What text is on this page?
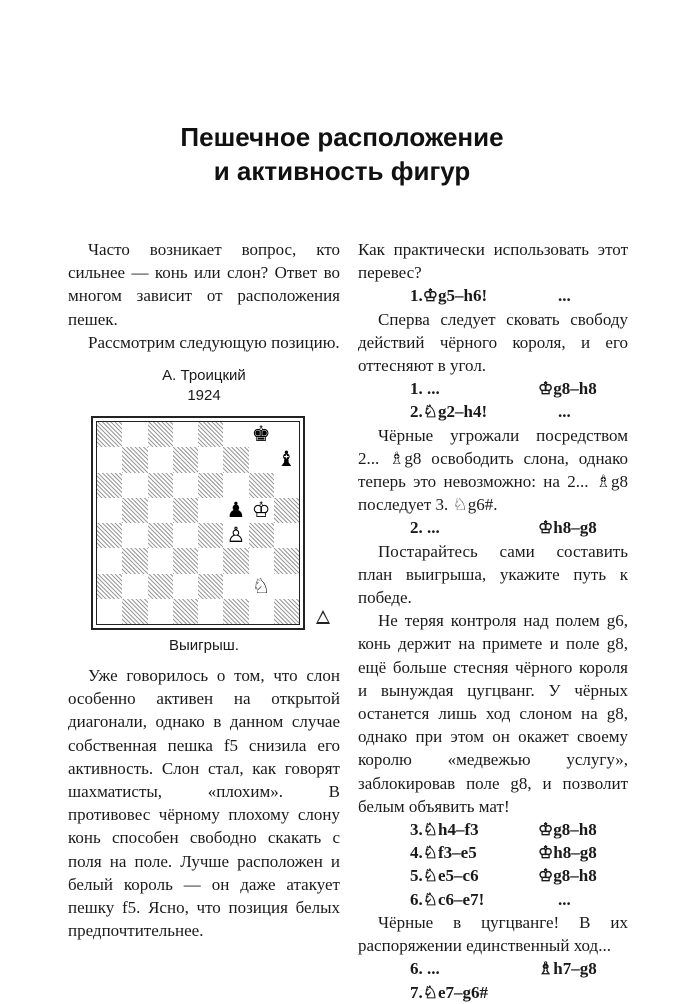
Пешечное расположение
и активность фигур

Часто возникает вопрос, кто сильнее — конь или слон? Ответ во многом зависит от расположения пешек.

Рассмотрим следующую позицию.

А. Троицкий
1924
♚
♝
♟ ♔
♙
♘
Выигрыш.

Уже говорилось о том, что слон особенно активен на открытой диагонали, однако в данном случае собственная пешка f5 снизила его активность. Слон стал, как говорят шахматисты, «плохим». В противовес чёрному плохому слону конь способен свободно скакать с поля на поле. Лучше расположен и белый король — он даже атакует пешку f5. Ясно, что позиция белых предпочтительнее.

Как практически использовать этот перевес?

1.♔g5–h6!	...

Сперва следует сковать свободу действий чёрного короля, и его оттесняют в угол.

1. ...	♔g8–h8
2.♘g2–h4!	...

Чёрные угрожали посредством 2... ♗g8 освободить слона, однако теперь это невозможно: на 2... ♗g8 последует 3. ♘g6#.

2. ...	♔h8–g8

Постарайтесь сами составить план выигрыша, укажите путь к победе.

Не теряя контроля над полем g6, конь держит на примете и поле g8, ещё больше стесняя чёрного короля и вынуждая цугцванг. У чёрных останется лишь ход слоном на g8, однако при этом он окажет своему королю «медвежью услугу», заблокировав поле g8, и позволит белым объявить мат!

3.♘h4–f3	♔g8–h8
4.♘f3–e5	♔h8–g8
5.♘e5–c6	♔g8–h8
6.♘c6–e7!	...

Чёрные в цугцванге! В их распоряжении единственный ход...

6. ...	♗h7–g8
7.♘e7–g6#
